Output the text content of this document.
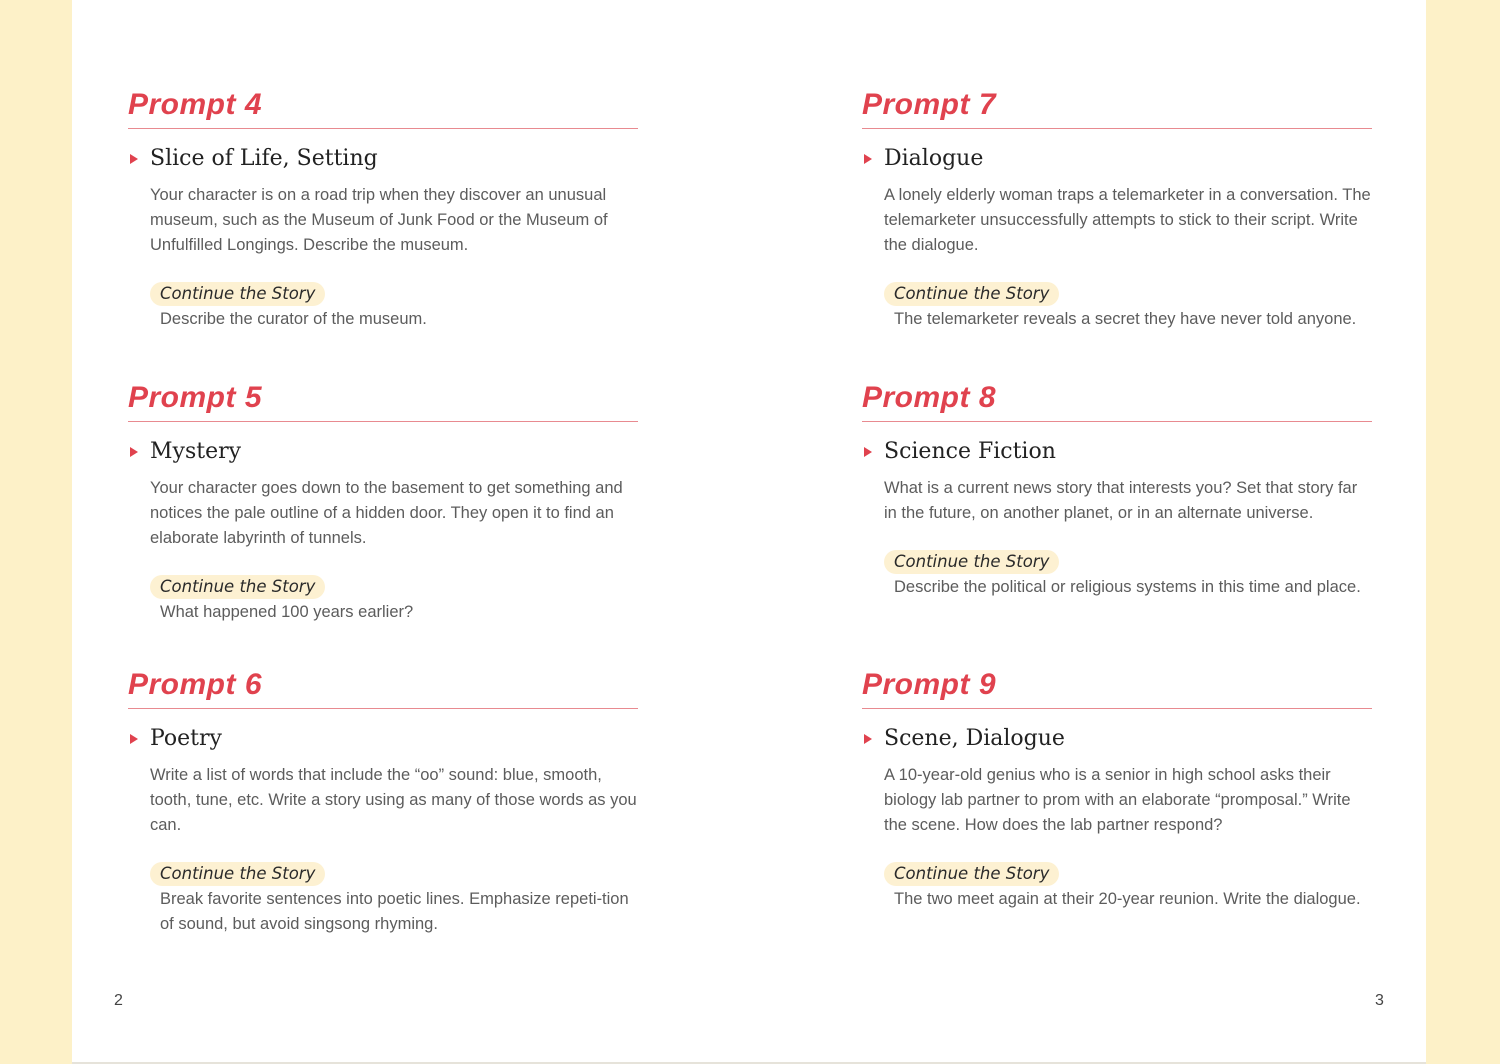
Prompt 4
Slice of Life, Setting

Your character is on a road trip when they discover an unusual museum, such as the Museum of Junk Food or the Museum of Unfulfilled Longings. Describe the museum.

Continue the Story
Describe the curator of the museum.
Prompt 5
Mystery

Your character goes down to the basement to get something and notices the pale outline of a hidden door. They open it to find an elaborate labyrinth of tunnels.

Continue the Story
What happened 100 years earlier?
Prompt 6
Poetry

Write a list of words that include the “oo” sound: blue, smooth, tooth, tune, etc. Write a story using as many of those words as you can.

Continue the Story
Break favorite sentences into poetic lines. Emphasize repeti-tion of sound, but avoid singsong rhyming.
Prompt 7
Dialogue

A lonely elderly woman traps a telemarketer in a conversation. The telemarketer unsuccessfully attempts to stick to their script. Write the dialogue.

Continue the Story
The telemarketer reveals a secret they have never told anyone.
Prompt 8
Science Fiction

What is a current news story that interests you? Set that story far in the future, on another planet, or in an alternate universe.

Continue the Story
Describe the political or religious systems in this time and place.
Prompt 9
Scene, Dialogue

A 10-year-old genius who is a senior in high school asks their biology lab partner to prom with an elaborate “promposal.” Write the scene. How does the lab partner respond?

Continue the Story
The two meet again at their 20-year reunion. Write the dialogue.
2	3
